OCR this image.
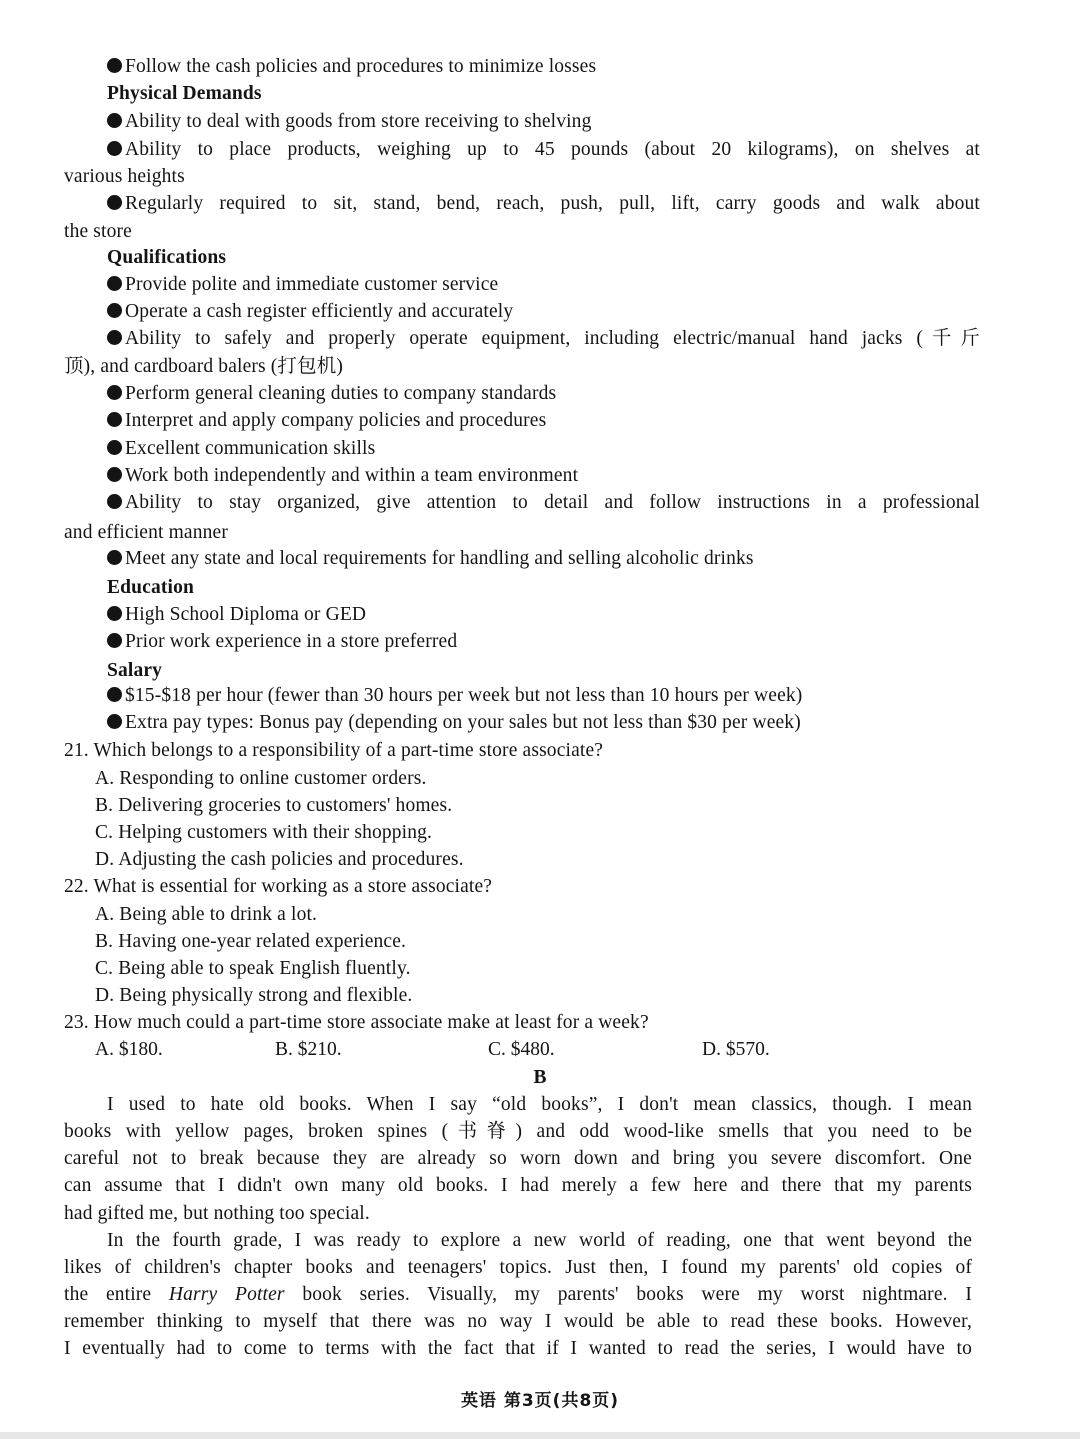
Follow the cash policies and procedures to minimize losses
Physical Demands
Ability to deal with goods from store receiving to shelving
Ability to place products, weighing up to 45 pounds (about 20 kilograms), on shelves at
various heights
Regularly required to sit, stand, bend, reach, push, pull, lift, carry goods and walk about
the store
Qualifications
Provide polite and immediate customer service
Operate a cash register efficiently and accurately
Ability to safely and properly operate equipment, including electric/manual hand jacks (千斤
顶), and cardboard balers (打包机)
Perform general cleaning duties to company standards
Interpret and apply company policies and procedures
Excellent communication skills
Work both independently and within a team environment
Ability to stay organized, give attention to detail and follow instructions in a professional
and efficient manner
Meet any state and local requirements for handling and selling alcoholic drinks
Education
High School Diploma or GED
Prior work experience in a store preferred
Salary
$15-$18 per hour (fewer than 30 hours per week but not less than 10 hours per week)
Extra pay types: Bonus pay (depending on your sales but not less than $30 per week)
21. Which belongs to a responsibility of a part-time store associate?
A. Responding to online customer orders.
B. Delivering groceries to customers' homes.
C. Helping customers with their shopping.
D. Adjusting the cash policies and procedures.
22. What is essential for working as a store associate?
A. Being able to drink a lot.
B. Having one-year related experience.
C. Being able to speak English fluently.
D. Being physically strong and flexible.
23. How much could a part-time store associate make at least for a week?
A. $180.	B. $210.	C. $480.	D. $570.
B
I used to hate old books. When I say “old books”, I don't mean classics, though. I mean
books with yellow pages, broken spines (书脊) and odd wood-like smells that you need to be
careful not to break because they are already so worn down and bring you severe discomfort. One
can assume that I didn't own many old books. I had merely a few here and there that my parents
had gifted me, but nothing too special.
In the fourth grade, I was ready to explore a new world of reading, one that went beyond the
likes of children's chapter books and teenagers' topics. Just then, I found my parents' old copies of
the entire Harry Potter book series. Visually, my parents' books were my worst nightmare. I
remember thinking to myself that there was no way I would be able to read these books. However,
I eventually had to come to terms with the fact that if I wanted to read the series, I would have to
英语 第3页(共8页)
